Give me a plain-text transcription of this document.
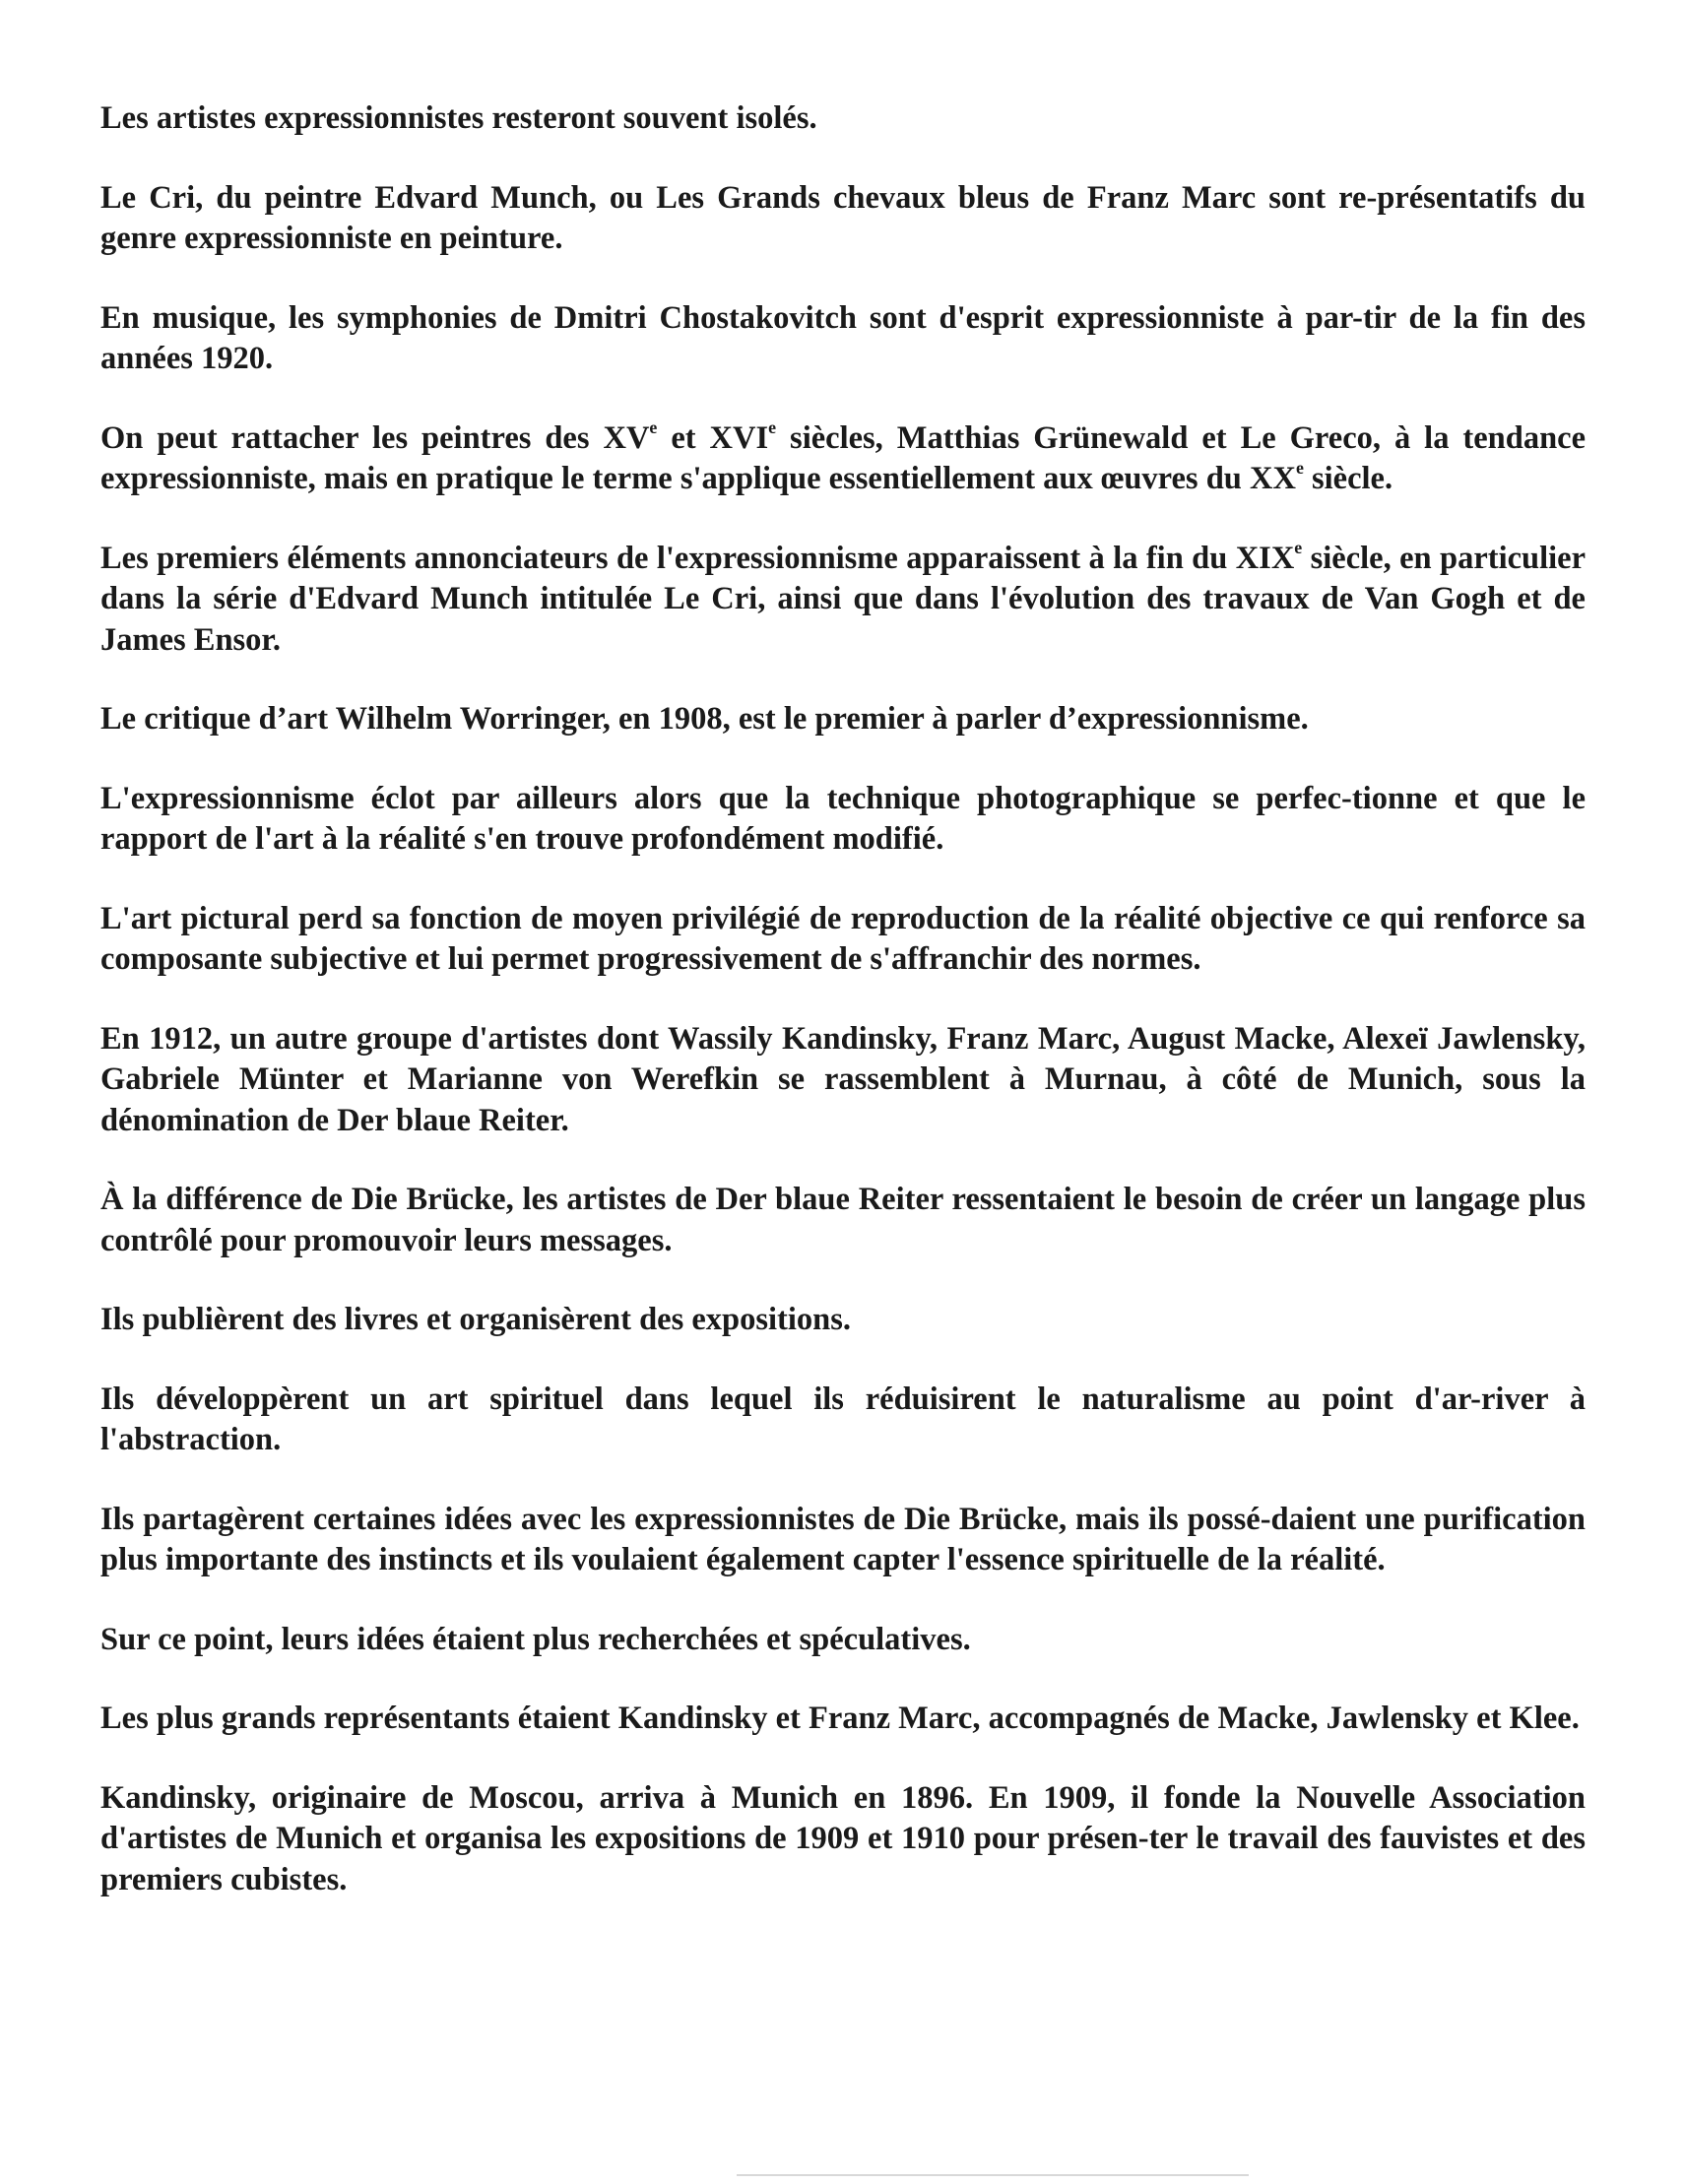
Les artistes expressionnistes resteront souvent isolés.

Le Cri, du peintre Edvard Munch, ou Les Grands chevaux bleus de Franz Marc sont re-présentatifs du genre expressionniste en peinture.

En musique, les symphonies de Dmitri Chostakovitch sont d'esprit expressionniste à par-tir de la fin des années 1920.

On peut rattacher les peintres des XVe et XVIe siècles, Matthias Grünewald et Le Greco, à la tendance expressionniste, mais en pratique le terme s'applique essentiellement aux œuvres du XXe siècle.

Les premiers éléments annonciateurs de l'expressionnisme apparaissent à la fin du XIXe siècle, en particulier dans la série d'Edvard Munch intitulée Le Cri, ainsi que dans l'évolution des travaux de Van Gogh et de James Ensor.

Le critique d’art Wilhelm Worringer, en 1908, est le premier à parler d’expressionnisme.

L'expressionnisme éclot par ailleurs alors que la technique photographique se perfec-tionne et que le rapport de l'art à la réalité s'en trouve profondément modifié.

L'art pictural perd sa fonction de moyen privilégié de reproduction de la réalité objective ce qui renforce sa composante subjective et lui permet progressivement de s'affranchir des normes.

En 1912, un autre groupe d'artistes dont Wassily Kandinsky, Franz Marc, August Macke, Alexeï Jawlensky, Gabriele Münter et Marianne von Werefkin se rassemblent à Murnau, à côté de Munich, sous la dénomination de Der blaue Reiter.

À la différence de Die Brücke, les artistes de Der blaue Reiter ressentaient le besoin de créer un langage plus contrôlé pour promouvoir leurs messages.

Ils publièrent des livres et organisèrent des expositions.

Ils développèrent un art spirituel dans lequel ils réduisirent le naturalisme au point d'ar-river à l'abstraction.

Ils partagèrent certaines idées avec les expressionnistes de Die Brücke, mais ils possé-daient une purification plus importante des instincts et ils voulaient également capter l'essence spirituelle de la réalité.

Sur ce point, leurs idées étaient plus recherchées et spéculatives.

Les plus grands représentants étaient Kandinsky et Franz Marc, accompagnés de Macke, Jawlensky et Klee.

Kandinsky, originaire de Moscou, arriva à Munich en 1896. En 1909, il fonde la Nouvelle Association d'artistes de Munich et organisa les expositions de 1909 et 1910 pour présen-ter le travail des fauvistes et des premiers cubistes.
